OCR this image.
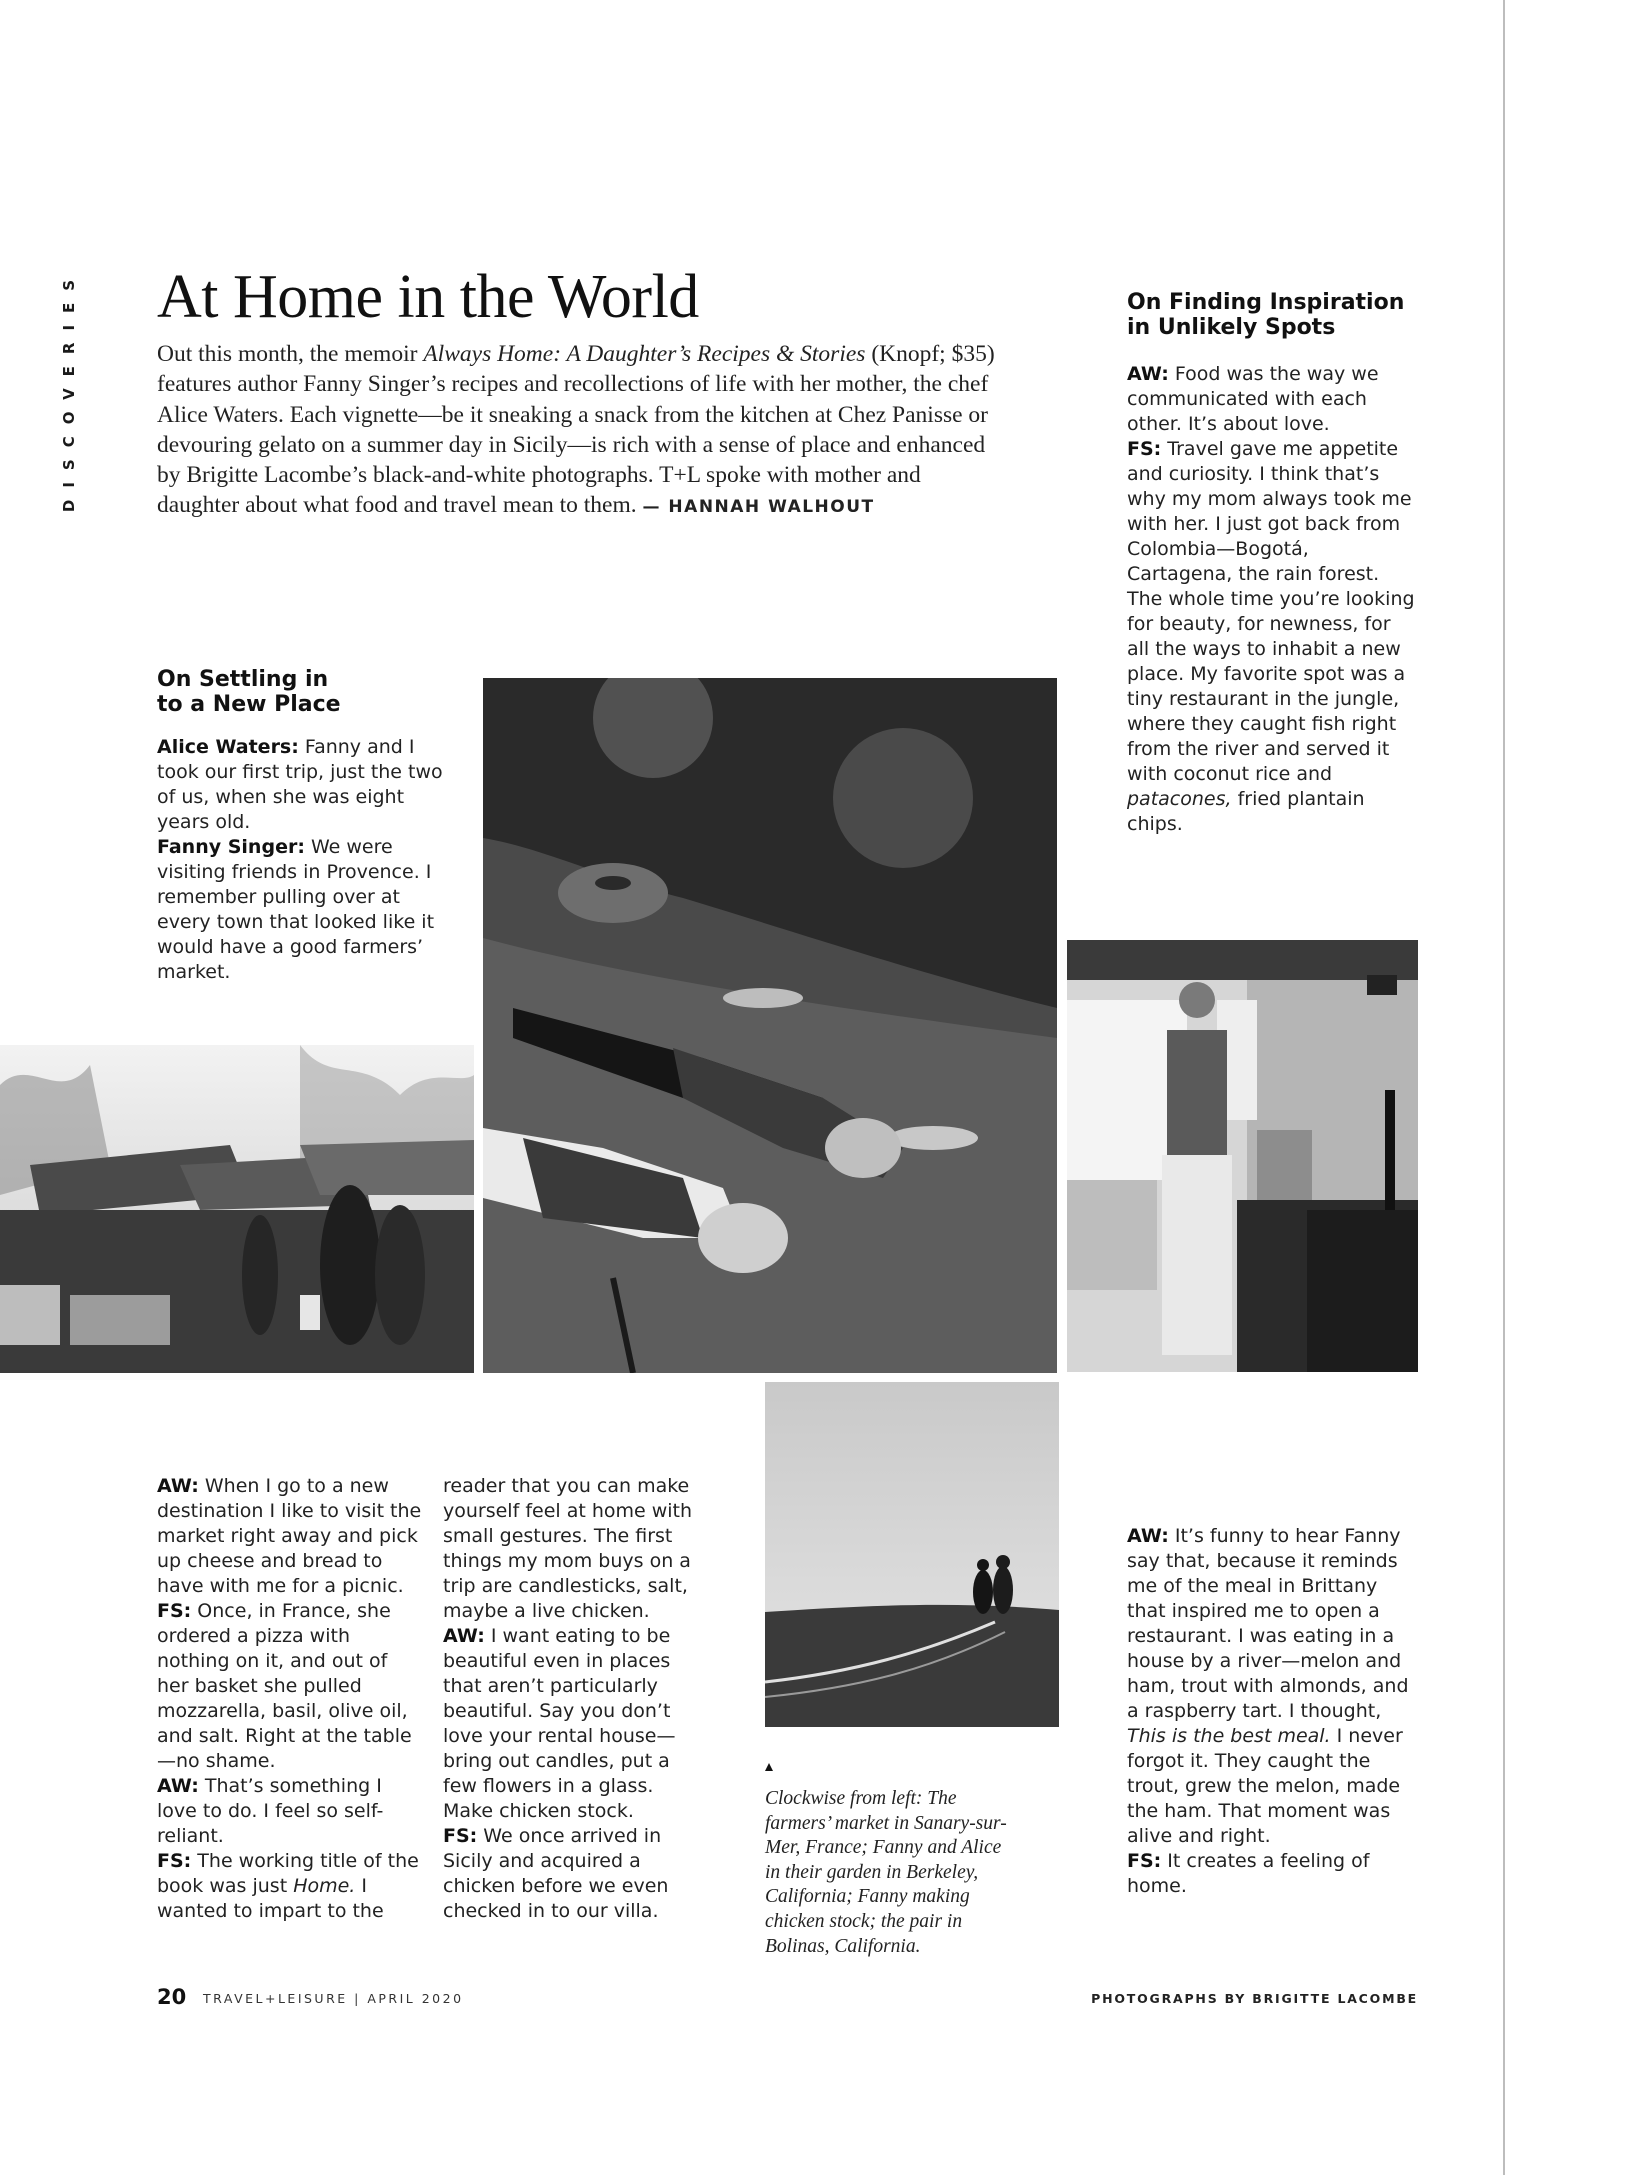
DISCOVERIES At Home in the World

Out this month, the memoir Always Home: A Daughter’s Recipes & Stories (Knopf; $35) features author Fanny Singer’s recipes and recollections of life with her mother, the chef Alice Waters. Each vignette—be it sneaking a snack from the kitchen at Chez Panisse or devouring gelato on a summer day in Sicily—is rich with a sense of place and enhanced by Brigitte Lacombe’s black-and-white photographs. T+L spoke with mother and daughter about what food and travel mean to them. — HANNAH WALHOUT

On Settling in
to a New Place

Alice Waters: Fanny and I took our first trip, just the two of us, when she was eight years old.

Fanny Singer: We were visiting friends in Provence. I remember pulling over at every town that looked like it would have a good farmers’ market.

On Finding Inspiration
in Unlikely Spots

AW: Food was the way we communicated with each other. It’s about love.

FS: Travel gave me appetite and curiosity. I think that’s why my mom always took me with her. I just got back from Colombia—Bogotá, Cartagena, the rain forest. The whole time you’re looking for beauty, for newness, for all the ways to inhabit a new place. My favorite spot was a tiny restaurant in the jungle, where they caught fish right from the river and served it with coconut rice and patacones, fried plantain chips.

AW: When I go to a new destination I like to visit the market right away and pick up cheese and bread to have with me for a picnic.

FS: Once, in France, she ordered a pizza with nothing on it, and out of her basket she pulled mozzarella, basil, olive oil, and salt. Right at the table—no shame.

AW: That’s something I love to do. I feel so self-reliant.

FS: The working title of the book was just Home. I wanted to impart to the

reader that you can make yourself feel at home with small gestures. The first things my mom buys on a trip are candlesticks, salt, maybe a live chicken.

AW: I want eating to be beautiful even in places that aren’t particularly beautiful. Say you don’t love your rental house—bring out candles, put a few flowers in a glass. Make chicken stock.

FS: We once arrived in Sicily and acquired a chicken before we even checked in to our villa.

AW: It’s funny to hear Fanny say that, because it reminds me of the meal in Brittany that inspired me to open a restaurant. I was eating in a house by a river—melon and ham, trout with almonds, and a raspberry tart. I thought, This is the best meal. I never forgot it. They caught the trout, grew the melon, made the ham. That moment was alive and right.

FS: It creates a feeling of home.

Clockwise from left: The farmers’ market in Sanary-sur-Mer, France; Fanny and Alice in their garden in Berkeley, California; Fanny making chicken stock; the pair in Bolinas, California.

20 TRAVEL+LEISURE | APRIL 2020	PHOTOGRAPHS BY BRIGITTE LACOMBE
